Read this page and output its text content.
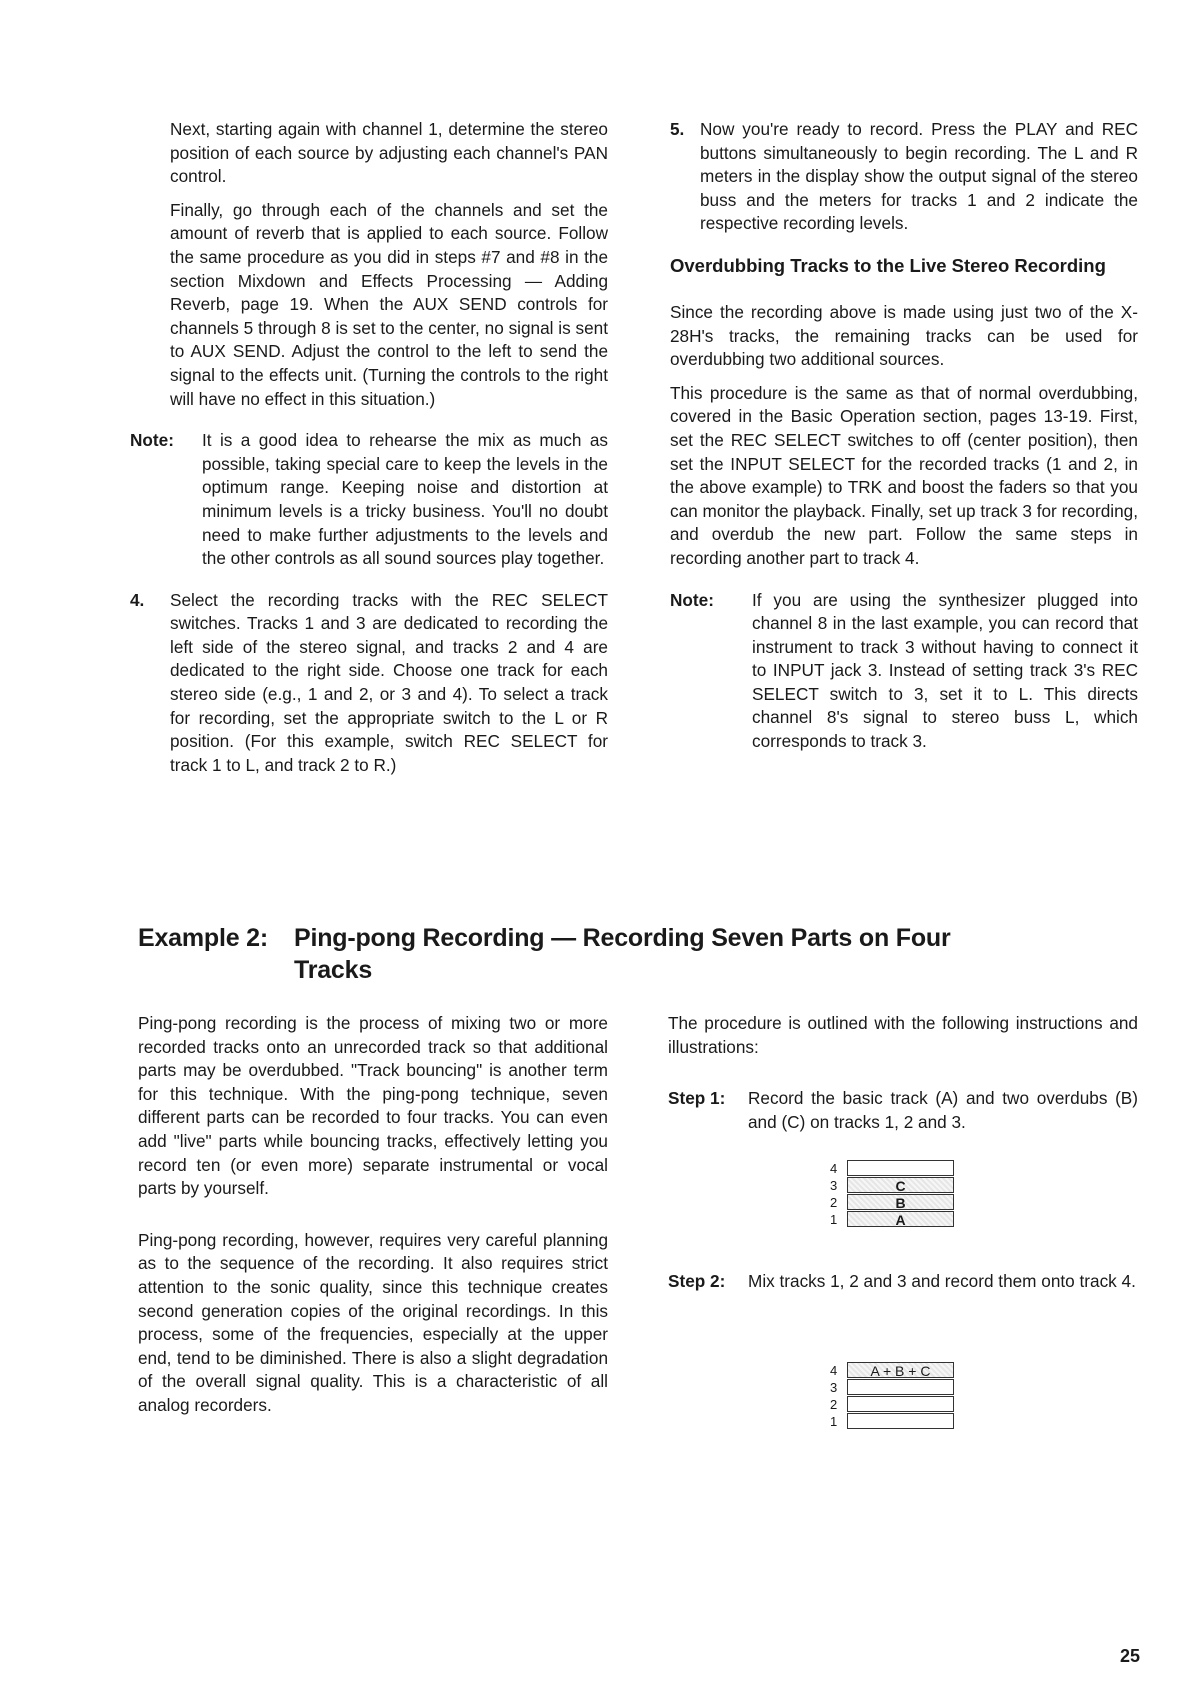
Next, starting again with channel 1, determine the stereo position of each source by adjusting each channel's PAN control.

Finally, go through each of the channels and set the amount of reverb that is applied to each source. Follow the same procedure as you did in steps #7 and #8 in the section Mixdown and Effects Processing — Adding Reverb, page 19. When the AUX SEND controls for channels 5 through 8 is set to the center, no signal is sent to AUX SEND. Adjust the control to the left to send the signal to the effects unit. (Turning the controls to the right will have no effect in this situation.)

Note: It is a good idea to rehearse the mix as much as possible, taking special care to keep the levels in the optimum range. Keeping noise and distortion at minimum levels is a tricky business. You'll no doubt need to make further adjustments to the levels and the other controls as all sound sources play together.
4. Select the recording tracks with the REC SELECT switches. Tracks 1 and 3 are dedicated to recording the left side of the stereo signal, and tracks 2 and 4 are dedicated to the right side. Choose one track for each stereo side (e.g., 1 and 2, or 3 and 4). To select a track for recording, set the appropriate switch to the L or R position. (For this example, switch REC SELECT for track 1 to L, and track 2 to R.)
5. Now you're ready to record. Press the PLAY and REC buttons simultaneously to begin recording. The L and R meters in the display show the output signal of the stereo buss and the meters for tracks 1 and 2 indicate the respective recording levels.
Overdubbing Tracks to the Live Stereo Recording

Since the recording above is made using just two of the X-28H's tracks, the remaining tracks can be used for overdubbing two additional sources.

This procedure is the same as that of normal overdubbing, covered in the Basic Operation section, pages 13-19. First, set the REC SELECT switches to off (center position), then set the INPUT SELECT for the recorded tracks (1 and 2, in the above example) to TRK and boost the faders so that you can monitor the playback. Finally, set up track 3 for recording, and overdub the new part. Follow the same steps in recording another part to track 4.

Note: If you are using the synthesizer plugged into channel 8 in the last example, you can record that instrument to track 3 without having to connect it to INPUT jack 3. Instead of setting track 3's REC SELECT switch to 3, set it to L. This directs channel 8's signal to stereo buss L, which corresponds to track 3.
Example 2: Ping-pong Recording — Recording Seven Parts on Four
Tracks

Ping-pong recording is the process of mixing two or more recorded tracks onto an unrecorded track so that additional parts may be overdubbed. "Track bouncing" is another term for this technique. With the ping-pong technique, seven different parts can be recorded to four tracks. You can even add "live" parts while bouncing tracks, effectively letting you record ten (or even more) separate instrumental or vocal parts by yourself.

Ping-pong recording, however, requires very careful planning as to the sequence of the recording. It also requires strict attention to the sonic quality, since this technique creates second generation copies of the original recordings. In this process, some of the frequencies, especially at the upper end, tend to be diminished. There is also a slight degradation of the overall signal quality. This is a characteristic of all analog recorders.

The procedure is outlined with the following instructions and illustrations:

Step 1: Record the basic track (A) and two overdubs (B) and (C) on tracks 1, 2 and 3.
Step 2: Mix tracks 1, 2 and 3 and record them onto track 4.
4
3	C
2	B
1	A
4	A + B + C
3
2
1
25
